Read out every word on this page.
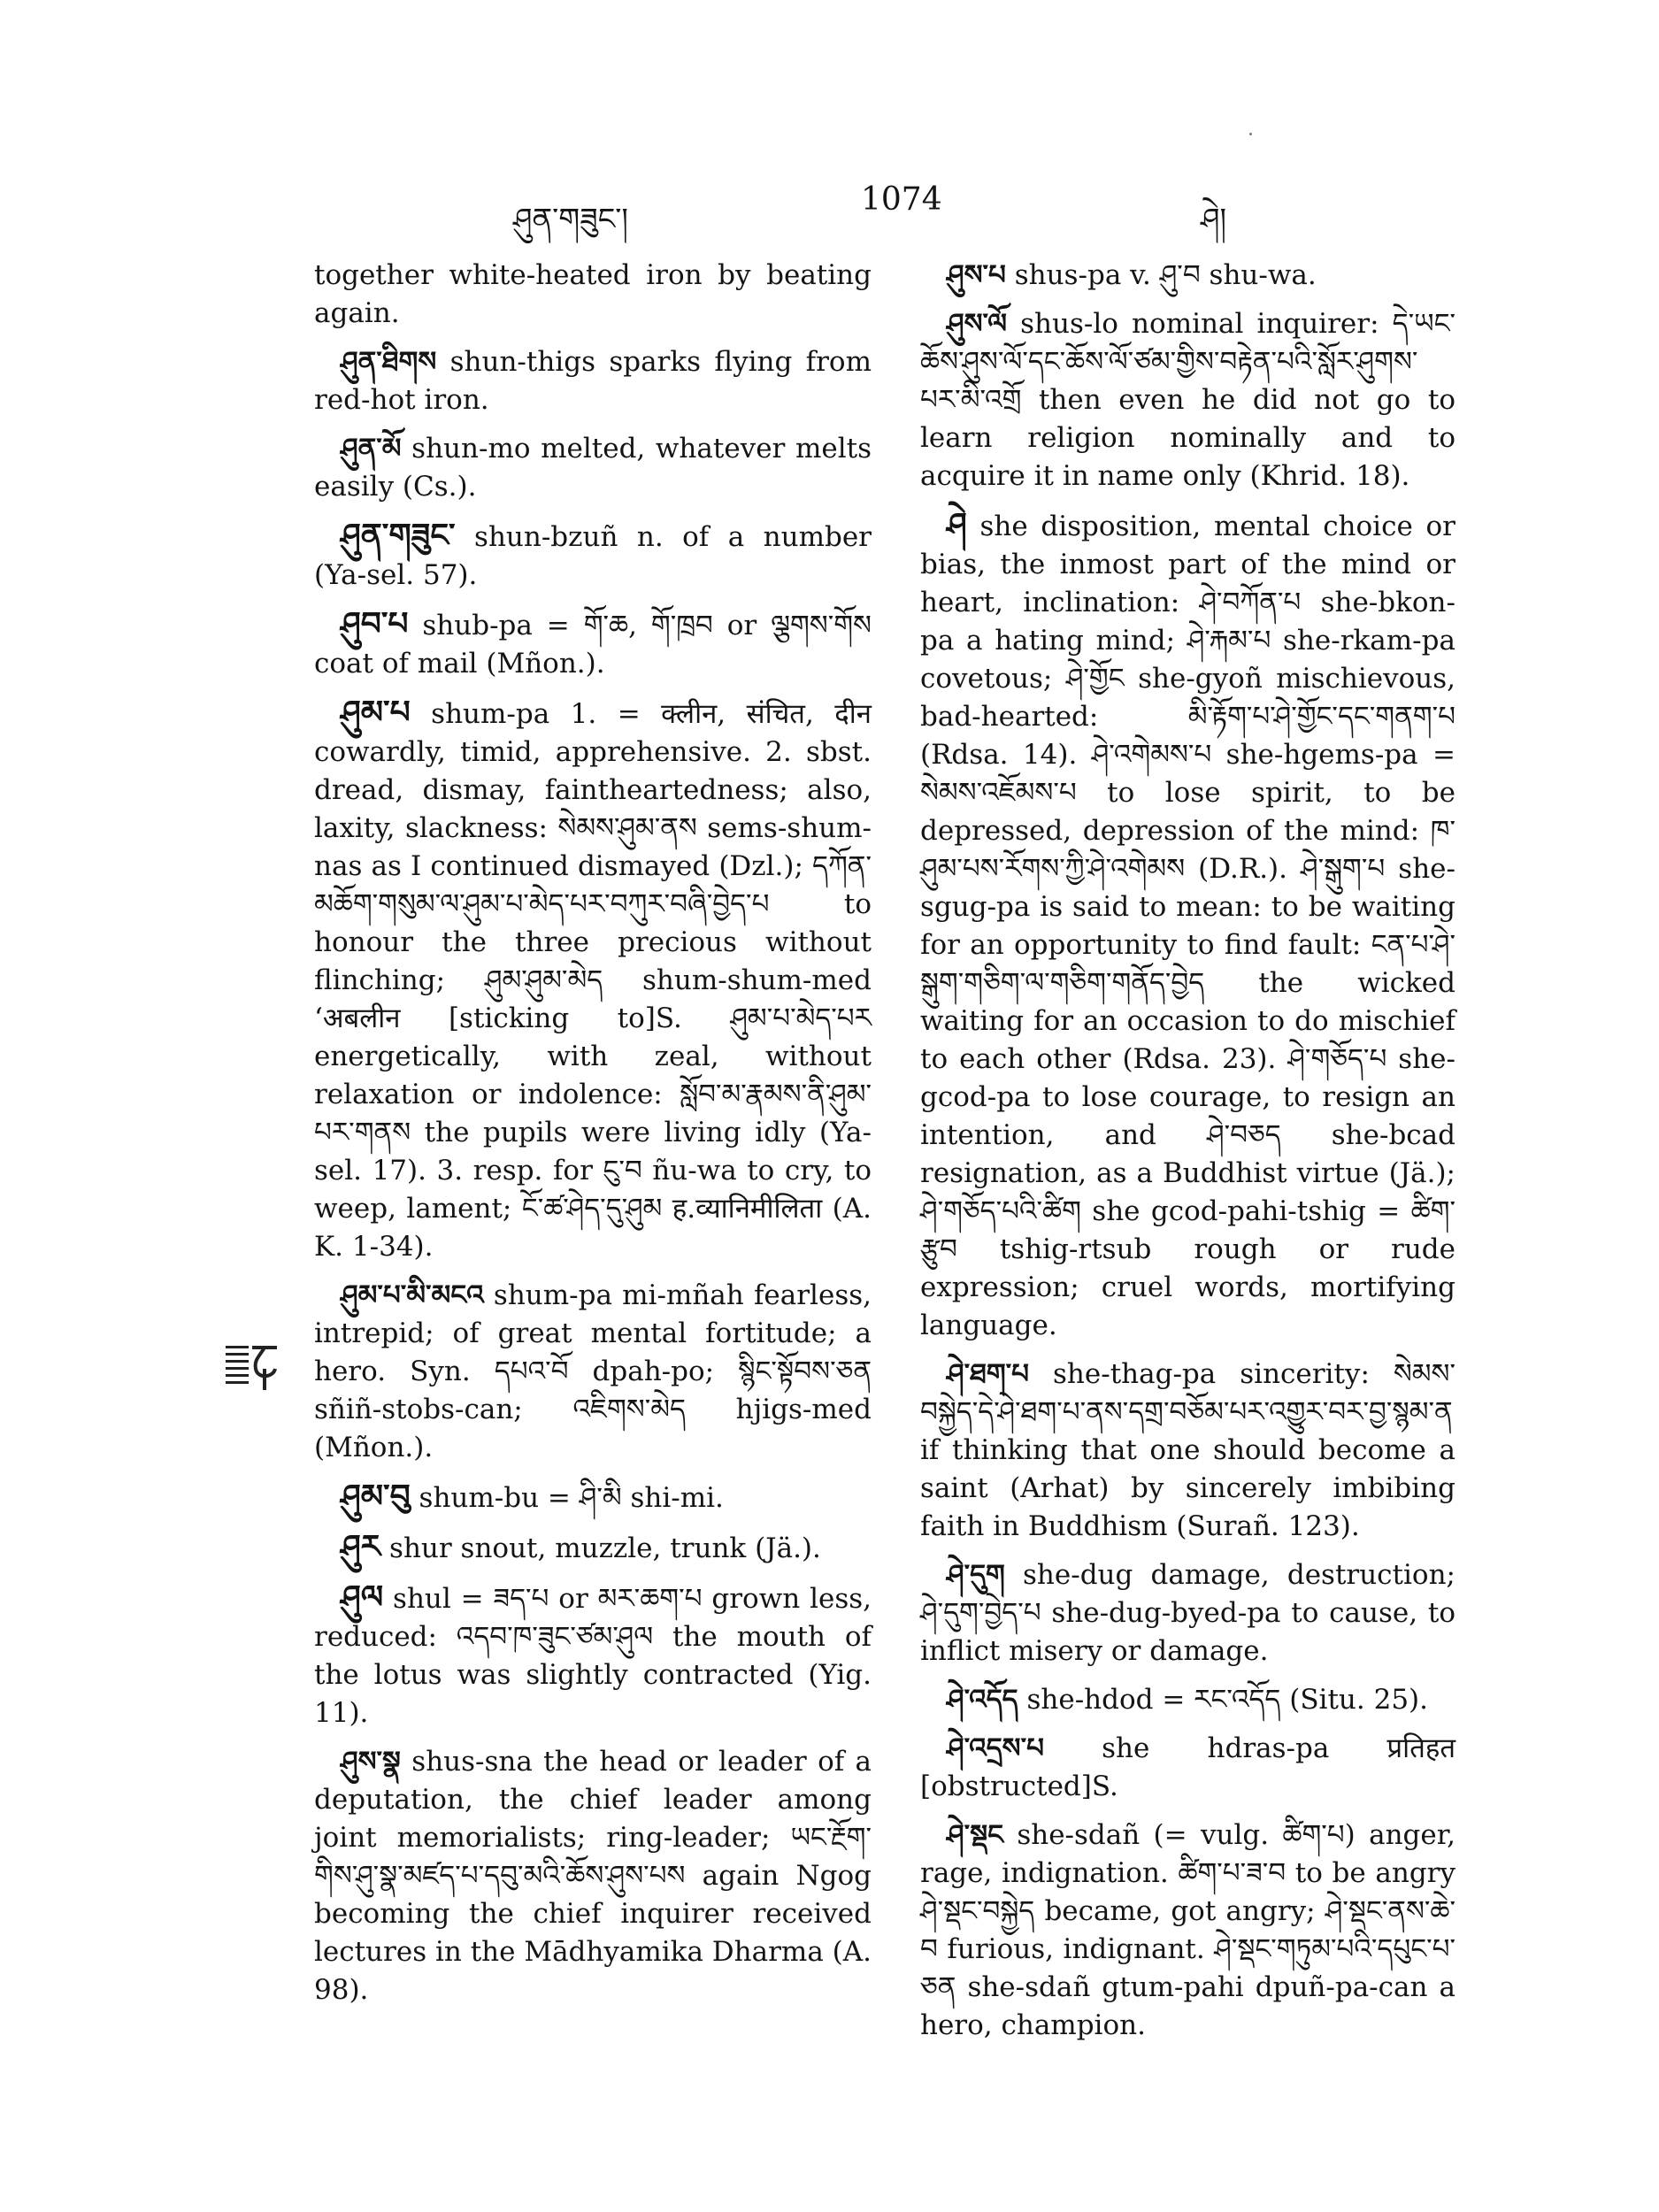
ཤུན་གཟུང་།
1074
ཤེ།

together white-heated iron by beating again.

ཤུན་ཐིགས shun-thigs sparks flying from red-hot iron.

ཤུན་མོ shun-mo melted, whatever melts easily (Cs.).

ཤུན་གཟུང་ shun-bzuñ n. of a number (Ya-sel. 57).

ཤུབ་པ shub-pa = གོ་ཆ, གོ་ཁྲབ or ལྕགས་གོས coat of mail (Mñon.).

ཤུམ་པ shum-pa 1. = क्लीन, संचित, दीन cowardly, timid, apprehensive. 2. sbst. dread, dismay, faintheartedness; also, laxity, slackness: སེམས་ཤུམ་ནས sems-shum-nas as I continued dismayed (Dzl.); དཀོན་མཆོག་གསུམ་ལ་ཤུམ་པ་མེད་པར་བཀུར་བཞི་བྱེད་པ to honour the three precious without flinching; ཤུམ་ཤུམ་མེད shum-shum-med ‘अबलीन [sticking to]S. ཤུམ་པ་མེད་པར energetically, with zeal, without relaxation or indolence: སློབ་མ་རྣམས་ནི་ཤུམ་པར་གནས the pupils were living idly (Ya-sel. 17). 3. resp. for ངུ་བ ñu-wa to cry, to weep, lament; ངོ་ཚ་ཤེད་དུ་ཤུམ ह.व्यानिमीलिता (A. K. 1-34).

ཤུམ་པ་མི་མངའ shum-pa mi-mñah fearless, intrepid; of great mental fortitude; a hero. Syn. དཔའ་བོ dpah-po; སྙིང་སྟོབས་ཅན sñiñ-stobs-can; འཇིགས་མེད hjigs-med (Mñon.).

ཤུམ་བུ shum-bu = ཤི་མི shi-mi.

ཤུར shur snout, muzzle, trunk (Jä.).

ཤུལ shul = ཟད་པ or མར་ཆག་པ grown less, reduced: འདབ་ཁ་ཟུང་ཙམ་ཤུལ the mouth of the lotus was slightly contracted (Yig. 11).

ཤུས་སྣ shus-sna the head or leader of a deputation, the chief leader among joint memorialists; ring-leader; ཡང་རྔོག་གིས་ཤུ་སྣ་མཛད་པ་དབུ་མའི་ཆོས་ཤུས་པས again Ngog becoming the chief inquirer received lectures in the Mādhyamika Dharma (A. 98).

ཤུས་པ shus-pa v. ཤུ་བ shu-wa.

ཤུས་ལོ shus-lo nominal inquirer: དེ་ཡང་ཆོས་ཤུས་ལོ་དང་ཆོས་ལོ་ཙམ་གྱིས་བརྟེན་པའི་སློར་ཤུགས་པར་མི་འགྲོ then even he did not go to learn religion nominally and to acquire it in name only (Khrid. 18).

ཤེ she disposition, mental choice or bias, the inmost part of the mind or heart, inclination: ཤེ་བཀོན་པ she-bkon-pa a hating mind; ཤེ་རྐམ་པ she-rkam-pa covetous; ཤེ་གྱོང she-gyoñ mischievous, bad-hearted: མི་རྟོག་པ་ཤེ་གྱོང་དང་གནག་པ (Rdsa. 14). ཤེ་འགེམས་པ she-hgems-pa = སེམས་འཇོམས་པ to lose spirit, to be depressed, depression of the mind: ཁ་ཤུམ་པས་རོགས་ཀྱི་ཤེ་འགེམས (D.R.). ཤེ་སྒུག་པ she-sgug-pa is said to mean: to be waiting for an opportunity to find fault: ངན་པ་ཤེ་སྒུག་གཅིག་ལ་གཅིག་གནོད་བྱེད the wicked waiting for an occasion to do mischief to each other (Rdsa. 23). ཤེ་གཅོད་པ she-gcod-pa to lose courage, to resign an intention, and ཤེ་བཅད she-bcad resignation, as a Buddhist virtue (Jä.); ཤེ་གཅོད་པའི་ཚིག she gcod-pahi-tshig = ཚིག་རྩུབ tshig-rtsub rough or rude expression; cruel words, mortifying language.

ཤེ་ཐག་པ she-thag-pa sincerity: སེམས་བསྐྱེད་དེ་ཤེ་ཐག་པ་ནས་དགྲ་བཅོམ་པར་འགྱུར་བར་བྱ་སྙམ་ན if thinking that one should become a saint (Arhat) by sincerely imbibing faith in Buddhism (Surañ. 123).

ཤེ་དུག she-dug damage, destruction; ཤེ་དུག་བྱེད་པ she-dug-byed-pa to cause, to inflict misery or damage.

ཤེ་འདོད she-hdod = རང་འདོད (Situ. 25).

ཤེ་འདྲས་པ she hdras-pa प्रतिहत [obstructed]S.

ཤེ་སྡང she-sdañ (= vulg. ཚིག་པ) anger, rage, indignation. ཚིག་པ་ཟ་བ to be angry ཤེ་སྡང་བསྐྱེད became, got angry; ཤེ་སྡང་ནས་ཆེ་བ furious, indignant. ཤེ་སྡང་གཏུམ་པའི་དཔུང་པ་ཅན she-sdañ gtum-pahi dpuñ-pa-can a hero, champion.
